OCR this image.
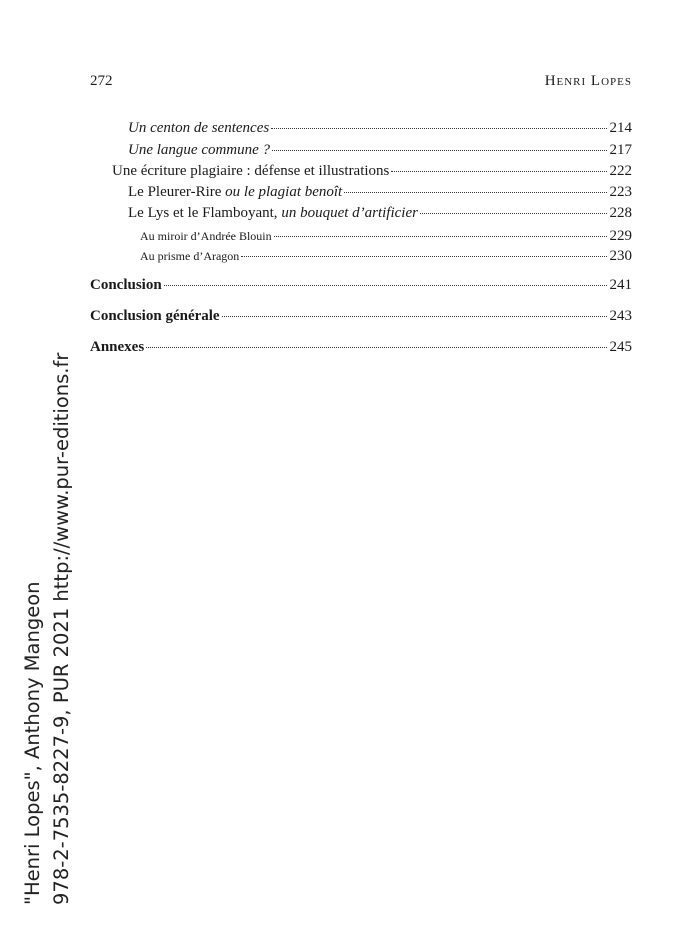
272	Henri Lopes
Un centon de sentences	214
Une langue commune ?	217
Une écriture plagiaire : défense et illustrations	222
Le Pleurer-Rire ou le plagiat benoît	223
Le Lys et le Flamboyant, un bouquet d’artificier	228
Au miroir d’Andrée Blouin	229
Au prisme d’Aragon	230
Conclusion	241
Conclusion générale	243
Annexes	245
"Henri Lopes", Anthony Mangeon 978-2-7535-8227-9, PUR 2021 http://www.pur-editions.fr
